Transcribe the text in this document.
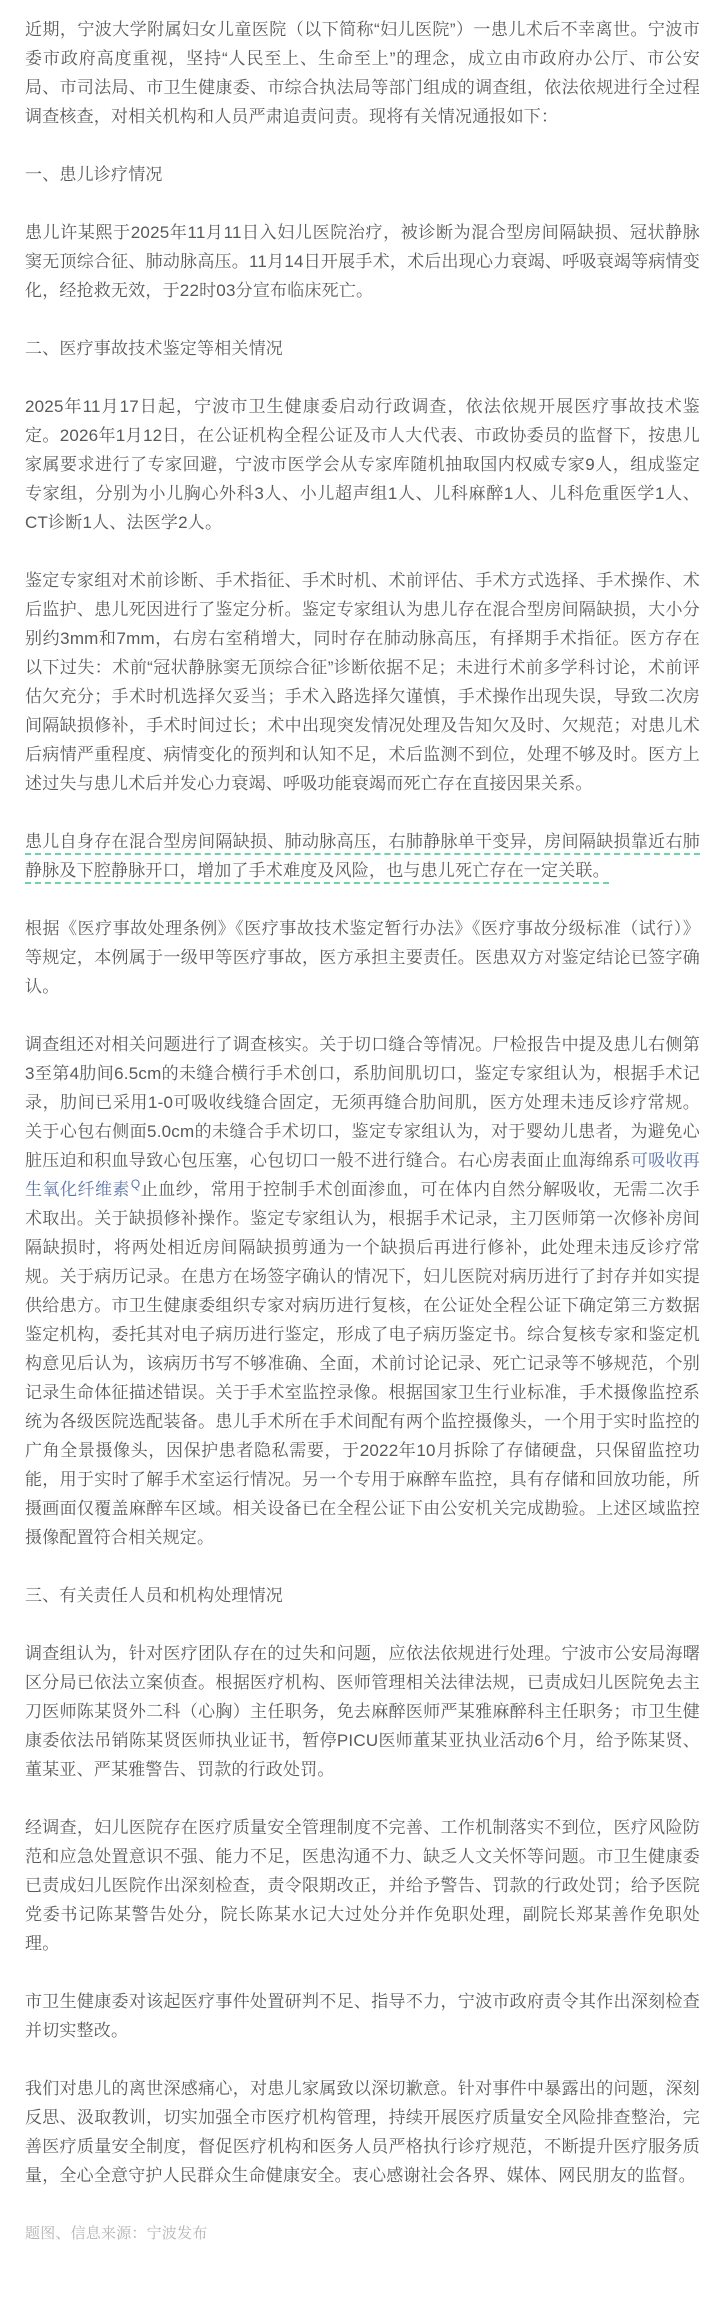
近期，宁波大学附属妇女儿童医院（以下简称“妇儿医院”）一患儿术后不幸离世。宁波市委市政府高度重视，坚持“人民至上、生命至上”的理念，成立由市政府办公厅、市公安局、市司法局、市卫生健康委、市综合执法局等部门组成的调查组，依法依规进行全过程调查核查，对相关机构和人员严肃追责问责。现将有关情况通报如下：

一、患儿诊疗情况

患儿许某熙于2025年11月11日入妇儿医院治疗，被诊断为混合型房间隔缺损、冠状静脉窦无顶综合征、肺动脉高压。11月14日开展手术，术后出现心力衰竭、呼吸衰竭等病情变化，经抢救无效，于22时03分宣布临床死亡。

二、医疗事故技术鉴定等相关情况

2025年11月17日起，宁波市卫生健康委启动行政调查，依法依规开展医疗事故技术鉴定。2026年1月12日，在公证机构全程公证及市人大代表、市政协委员的监督下，按患儿家属要求进行了专家回避，宁波市医学会从专家库随机抽取国内权威专家9人，组成鉴定专家组，分别为小儿胸心外科3人、小儿超声组1人、儿科麻醉1人、儿科危重医学1人、CT诊断1人、法医学2人。

鉴定专家组对术前诊断、手术指征、手术时机、术前评估、手术方式选择、手术操作、术后监护、患儿死因进行了鉴定分析。鉴定专家组认为患儿存在混合型房间隔缺损，大小分别约3mm和7mm，右房右室稍增大，同时存在肺动脉高压，有择期手术指征。医方存在以下过失：术前“冠状静脉窦无顶综合征”诊断依据不足；未进行术前多学科讨论，术前评估欠充分；手术时机选择欠妥当；手术入路选择欠谨慎，手术操作出现失误，导致二次房间隔缺损修补，手术时间过长；术中出现突发情况处理及告知欠及时、欠规范；对患儿术后病情严重程度、病情变化的预判和认知不足，术后监测不到位，处理不够及时。医方上述过失与患儿术后并发心力衰竭、呼吸功能衰竭而死亡存在直接因果关系。

患儿自身存在混合型房间隔缺损、肺动脉高压，右肺静脉单干变异，房间隔缺损靠近右肺静脉及下腔静脉开口，增加了手术难度及风险，也与患儿死亡存在一定关联。

根据《医疗事故处理条例》《医疗事故技术鉴定暂行办法》《医疗事故分级标准（试行）》等规定，本例属于一级甲等医疗事故，医方承担主要责任。医患双方对鉴定结论已签字确认。

调查组还对相关问题进行了调查核实。关于切口缝合等情况。尸检报告中提及患儿右侧第3至第4肋间6.5cm的未缝合横行手术创口，系肋间肌切口，鉴定专家组认为，根据手术记录，肋间已采用1-0可吸收线缝合固定，无须再缝合肋间肌，医方处理未违反诊疗常规。关于心包右侧面5.0cm的未缝合手术切口，鉴定专家组认为，对于婴幼儿患者，为避免心脏压迫和积血导致心包压塞，心包切口一般不进行缝合。右心房表面止血海绵系可吸收再生氧化纤维素$^Q$止血纱，常用于控制手术创面渗血，可在体内自然分解吸收，无需二次手术取出。关于缺损修补操作。鉴定专家组认为，根据手术记录，主刀医师第一次修补房间隔缺损时，将两处相近房间隔缺损剪通为一个缺损后再进行修补，此处理未违反诊疗常规。关于病历记录。在患方在场签字确认的情况下，妇儿医院对病历进行了封存并如实提供给患方。市卫生健康委组织专家对病历进行复核，在公证处全程公证下确定第三方数据鉴定机构，委托其对电子病历进行鉴定，形成了电子病历鉴定书。综合复核专家和鉴定机构意见后认为，该病历书写不够准确、全面，术前讨论记录、死亡记录等不够规范，个别记录生命体征描述错误。关于手术室监控录像。根据国家卫生行业标准，手术摄像监控系统为各级医院选配装备。患儿手术所在手术间配有两个监控摄像头，一个用于实时监控的广角全景摄像头，因保护患者隐私需要，于2022年10月拆除了存储硬盘，只保留监控功能，用于实时了解手术室运行情况。另一个专用于麻醉车监控，具有存储和回放功能，所摄画面仅覆盖麻醉车区域。相关设备已在全程公证下由公安机关完成勘验。上述区域监控摄像配置符合相关规定。

三、有关责任人员和机构处理情况

调查组认为，针对医疗团队存在的过失和问题，应依法依规进行处理。宁波市公安局海曙区分局已依法立案侦查。根据医疗机构、医师管理相关法律法规，已责成妇儿医院免去主刀医师陈某贤外二科（心胸）主任职务，免去麻醉医师严某雅麻醉科主任职务；市卫生健康委依法吊销陈某贤医师执业证书，暂停PICU医师董某亚执业活动6个月，给予陈某贤、董某亚、严某雅警告、罚款的行政处罚。

经调查，妇儿医院存在医疗质量安全管理制度不完善、工作机制落实不到位，医疗风险防范和应急处置意识不强、能力不足，医患沟通不力、缺乏人文关怀等问题。市卫生健康委已责成妇儿医院作出深刻检查，责令限期改正，并给予警告、罚款的行政处罚；给予医院党委书记陈某警告处分，院长陈某水记大过处分并作免职处理，副院长郑某善作免职处理。

市卫生健康委对该起医疗事件处置研判不足、指导不力，宁波市政府责令其作出深刻检查并切实整改。

我们对患儿的离世深感痛心，对患儿家属致以深切歉意。针对事件中暴露出的问题，深刻反思、汲取教训，切实加强全市医疗机构管理，持续开展医疗质量安全风险排查整治，完善医疗质量安全制度，督促医疗机构和医务人员严格执行诊疗规范，不断提升医疗服务质量，全心全意守护人民群众生命健康安全。衷心感谢社会各界、媒体、网民朋友的监督。

题图、信息来源：宁波发布
